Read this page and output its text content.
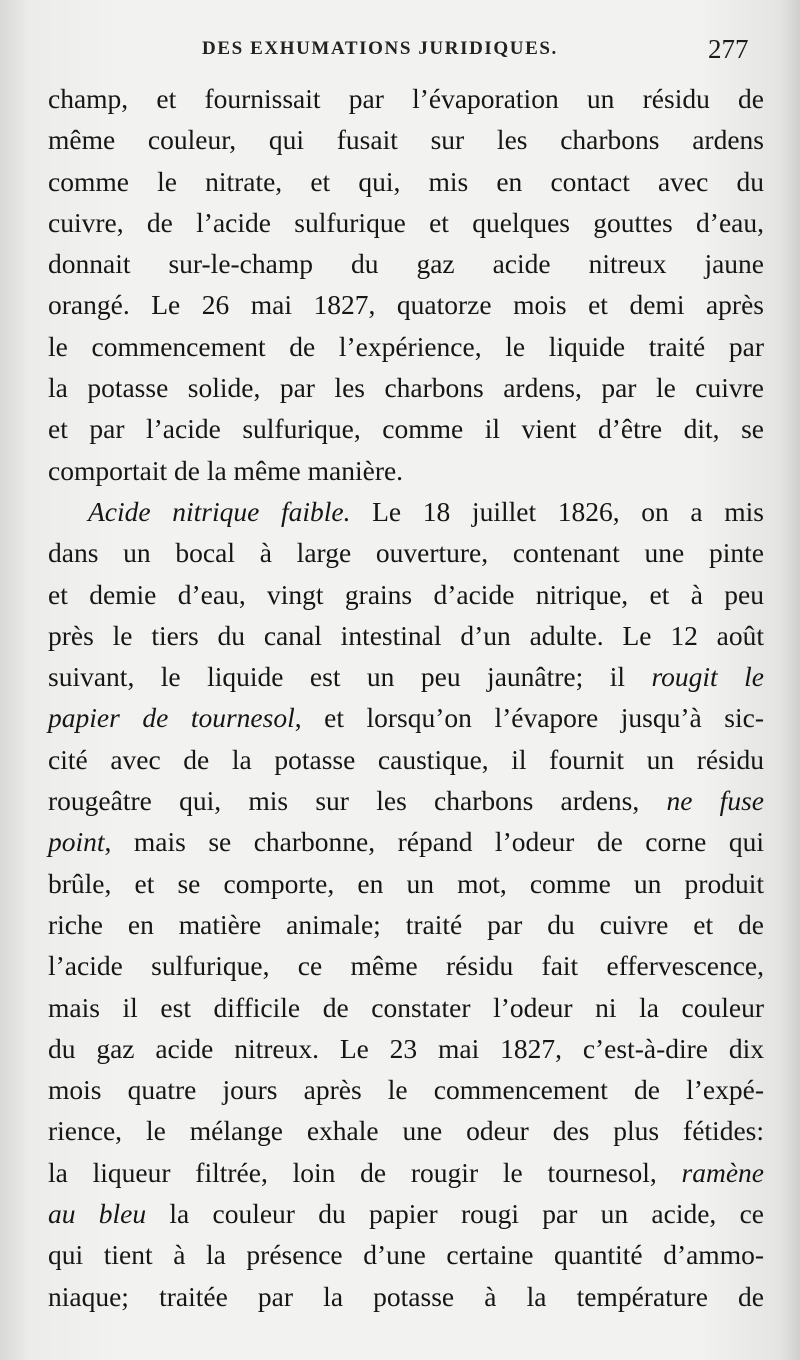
DES EXHUMATIONS JURIDIQUES.	277
champ, et fournissait par l’évaporation un résidu de
même couleur, qui fusait sur les charbons ardens
comme le nitrate, et qui, mis en contact avec du
cuivre, de l’acide sulfurique et quelques gouttes d’eau,
donnait sur-le-champ du gaz acide nitreux jaune
orangé. Le 26 mai 1827, quatorze mois et demi après
le commencement de l’expérience, le liquide traité par
la potasse solide, par les charbons ardens, par le cuivre
et par l’acide sulfurique, comme il vient d’être dit, se
comportait de la même manière.
Acide nitrique faible. Le 18 juillet 1826, on a mis
dans un bocal à large ouverture, contenant une pinte
et demie d’eau, vingt grains d’acide nitrique, et à peu
près le tiers du canal intestinal d’un adulte. Le 12 août
suivant, le liquide est un peu jaunâtre; il rougit le
papier de tournesol, et lorsqu’on l’évapore jusqu’à sic-
cité avec de la potasse caustique, il fournit un résidu
rougeâtre qui, mis sur les charbons ardens, ne fuse
point, mais se charbonne, répand l’odeur de corne qui
brûle, et se comporte, en un mot, comme un produit
riche en matière animale; traité par du cuivre et de
l’acide sulfurique, ce même résidu fait effervescence,
mais il est difficile de constater l’odeur ni la couleur
du gaz acide nitreux. Le 23 mai 1827, c’est-à-dire dix
mois quatre jours après le commencement de l’expé-
rience, le mélange exhale une odeur des plus fétides:
la liqueur filtrée, loin de rougir le tournesol, ramène
au bleu la couleur du papier rougi par un acide, ce
qui tient à la présence d’une certaine quantité d’ammo-
niaque; traitée par la potasse à la température de
